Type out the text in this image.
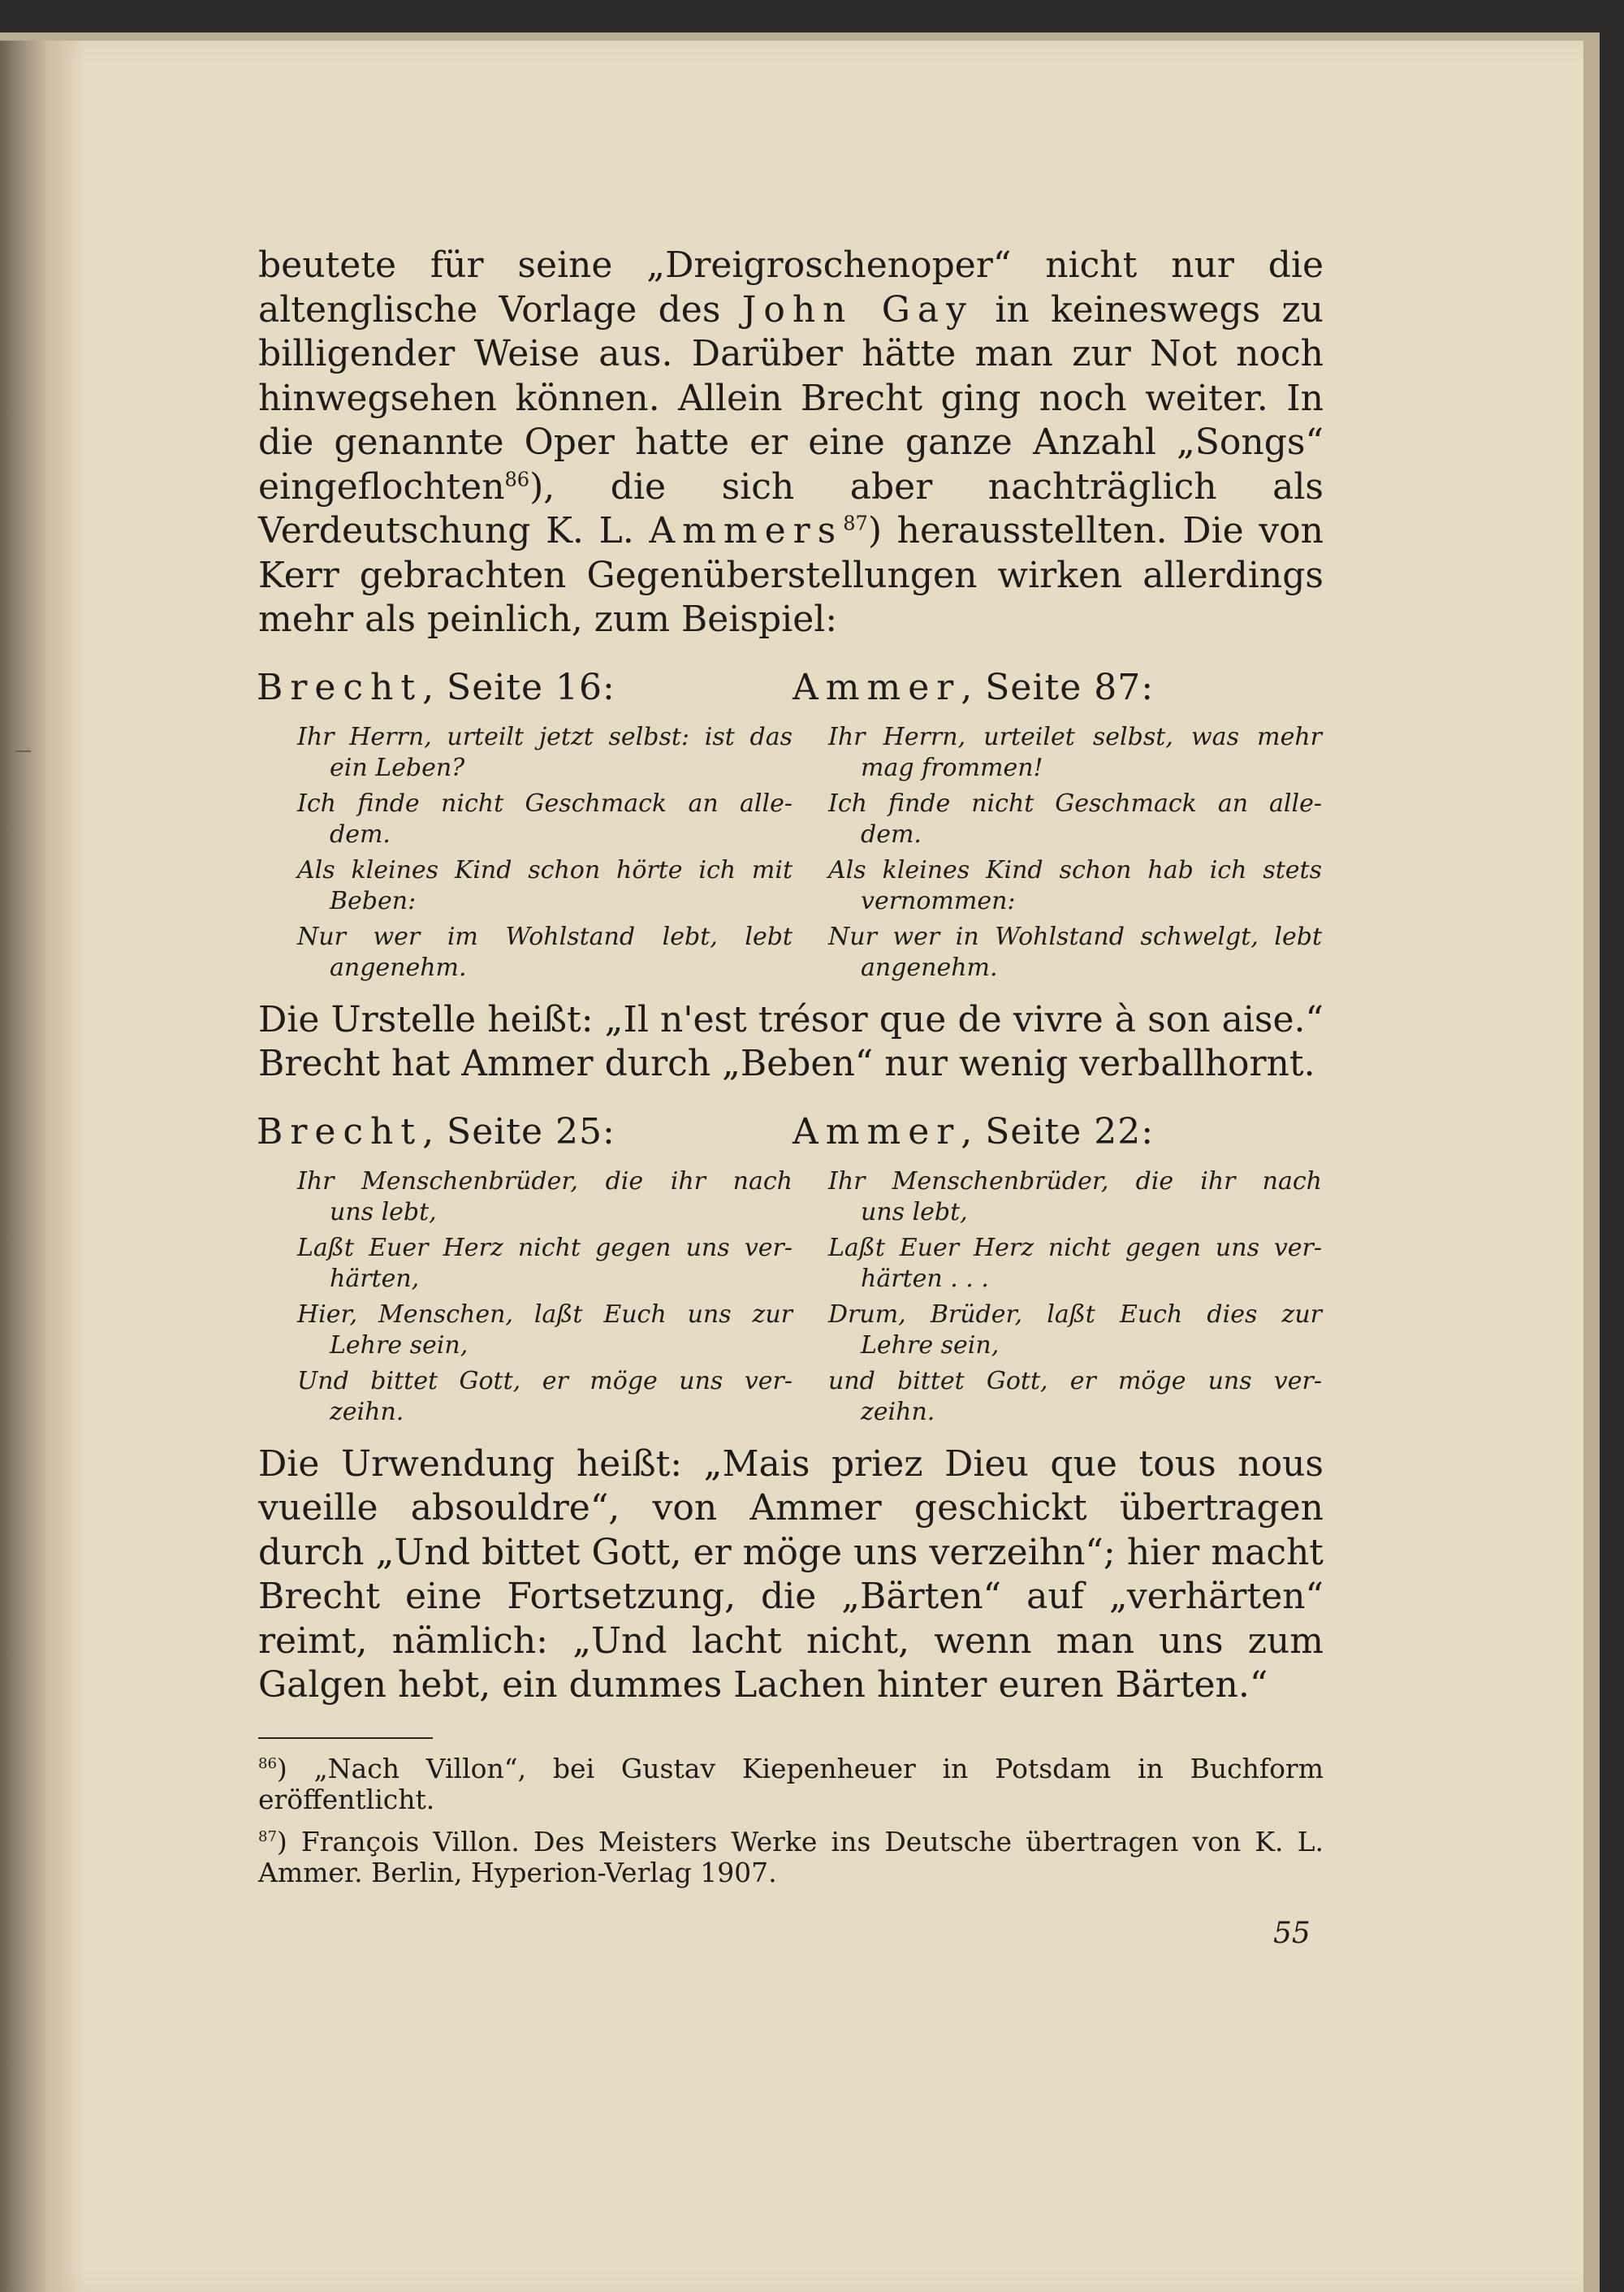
beutete für seine „Dreigroschenoper“ nicht nur die altenglische Vorlage des John Gay in keineswegs zu billigender Weise aus. Darüber hätte man zur Not noch hinwegsehen können. Allein Brecht ging noch weiter. In die genannte Oper hatte er eine ganze Anzahl „Songs“ eingeflochten$^{86}$), die sich aber nachträglich als Verdeutschung K. L. Ammers$^{87}$) herausstellten. Die von Kerr gebrachten Gegenüberstellungen wirken allerdings mehr als peinlich, zum Beispiel:

Brecht, Seite 16:	Ammer, Seite 87:
Ihr Herrn, urteilt jetzt selbst: ist das
ein Leben?
Ich finde nicht Geschmack an alle-
dem.
Als kleines Kind schon hörte ich mit
Beben:
Nur wer im Wohlstand lebt, lebt
angenehm.
Ihr Herrn, urteilet selbst, was mehr
mag frommen!
Ich finde nicht Geschmack an alle-
dem.
Als kleines Kind schon hab ich stets
vernommen:
Nur wer in Wohlstand schwelgt, lebt
angenehm.

Die Urstelle heißt: „Il n'est trésor que de vivre à son aise.“ Brecht hat Ammer durch „Beben“ nur wenig verballhornt.

Brecht, Seite 25:	Ammer, Seite 22:
Ihr Menschenbrüder, die ihr nach
uns lebt,
Laßt Euer Herz nicht gegen uns ver-
härten,
Hier, Menschen, laßt Euch uns zur
Lehre sein,
Und bittet Gott, er möge uns ver-
zeihn.
Ihr Menschenbrüder, die ihr nach
uns lebt,
Laßt Euer Herz nicht gegen uns ver-
härten . . .
Drum, Brüder, laßt Euch dies zur
Lehre sein,
und bittet Gott, er möge uns ver-
zeihn.

Die Urwendung heißt: „Mais priez Dieu que tous nous vueille absouldre“, von Ammer geschickt übertragen durch „Und bittet Gott, er möge uns verzeihn“; hier macht Brecht eine Fortsetzung, die „Bärten“ auf „verhärten“ reimt, nämlich: „Und lacht nicht, wenn man uns zum Galgen hebt, ein dummes Lachen hinter euren Bärten.“

$^{86}$) „Nach Villon“, bei Gustav Kiepenheuer in Potsdam in Buchform eröffentlicht.

$^{87}$) François Villon. Des Meisters Werke ins Deutsche übertragen von K. L. Ammer. Berlin, Hyperion-Verlag 1907.

55
